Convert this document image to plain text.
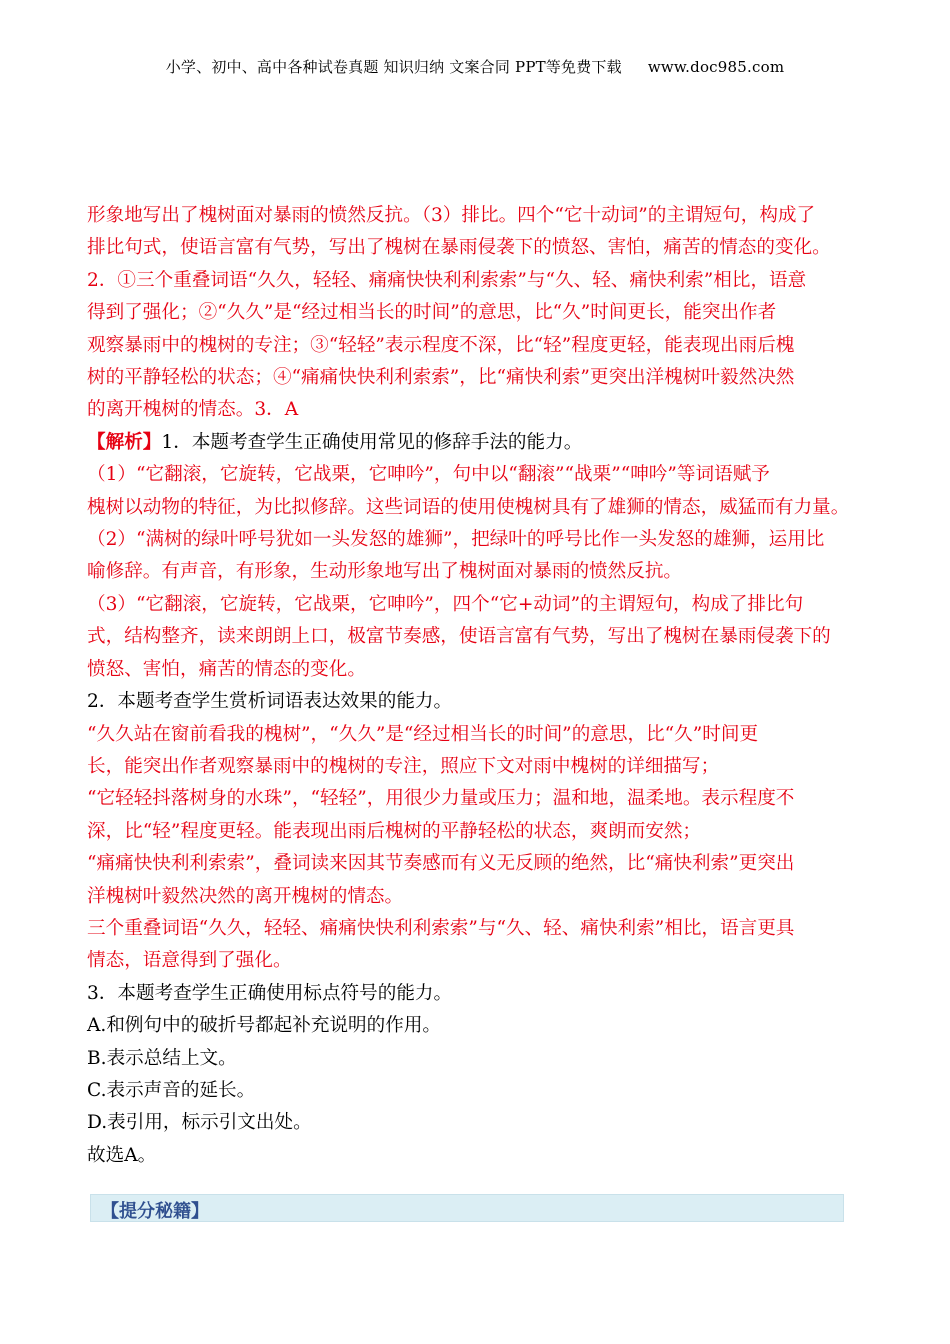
小学、初中、高中各种试卷真题 知识归纳 文案合同 PPT等免费下载 www.doc985.com

形象地写出了槐树面对暴雨的愤然反抗。（3）排比。四个“它十动词”的主谓短句，构成了

排比句式，使语言富有气势，写出了槐树在暴雨侵袭下的愤怒、害怕，痛苦的情态的变化。

2．①三个重叠词语“久久，轻轻、痛痛快快利利索索”与“久、轻、痛快利索”相比，语意

得到了强化；②“久久”是“经过相当长的时间”的意思，比“久”时间更长，能突出作者

观察暴雨中的槐树的专注；③“轻轻”表示程度不深，比“轻”程度更轻，能表现出雨后槐

树的平静轻松的状态；④“痛痛快快利利索索”，比“痛快利索”更突出洋槐树叶毅然决然

的离开槐树的情态。3．A

【解析】1．本题考查学生正确使用常见的修辞手法的能力。

（1）“它翻滚，它旋转，它战栗，它呻吟”，句中以“翻滚”“战栗”“呻吟”等词语赋予

槐树以动物的特征，为比拟修辞。这些词语的使用使槐树具有了雄狮的情态，威猛而有力量。

（2）“满树的绿叶呼号犹如一头发怒的雄狮”，把绿叶的呼号比作一头发怒的雄狮，运用比

喻修辞。有声音，有形象，生动形象地写出了槐树面对暴雨的愤然反抗。

（3）“它翻滚，它旋转，它战栗，它呻吟”，四个“它+动词”的主谓短句，构成了排比句

式，结构整齐，读来朗朗上口，极富节奏感，使语言富有气势，写出了槐树在暴雨侵袭下的

愤怒、害怕，痛苦的情态的变化。

2．本题考查学生赏析词语表达效果的能力。

“久久站在窗前看我的槐树”，“久久”是“经过相当长的时间”的意思，比“久”时间更

长，能突出作者观察暴雨中的槐树的专注，照应下文对雨中槐树的详细描写；

“它轻轻抖落树身的水珠”，“轻轻”，用很少力量或压力；温和地，温柔地。表示程度不

深，比“轻”程度更轻。能表现出雨后槐树的平静轻松的状态，爽朗而安然；

“痛痛快快利利索索”，叠词读来因其节奏感而有义无反顾的绝然，比“痛快利索”更突出

洋槐树叶毅然决然的离开槐树的情态。

三个重叠词语“久久，轻轻、痛痛快快利利索索”与“久、轻、痛快利索”相比，语言更具

情态，语意得到了强化。

3．本题考查学生正确使用标点符号的能力。

A.和例句中的破折号都起补充说明的作用。

B.表示总结上文。

C.表示声音的延长。

D.表引用，标示引文出处。

故选A。

【提分秘籍】
